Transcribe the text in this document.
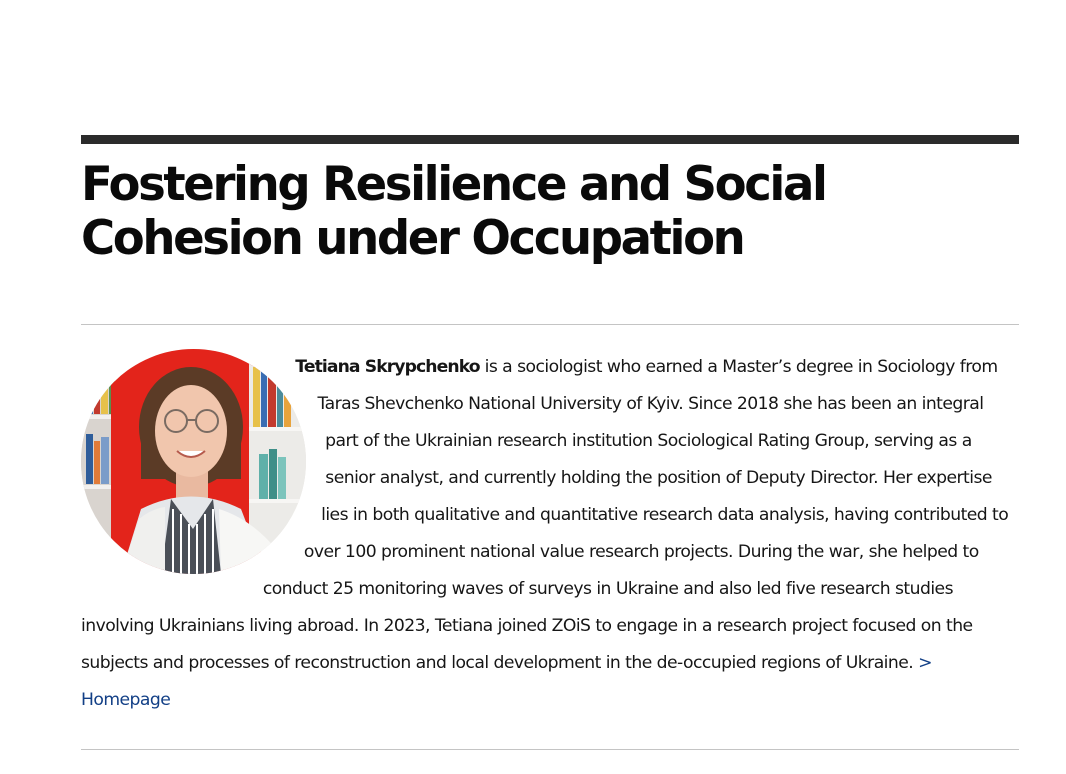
Fostering Resilience and Social Cohesion under Occupation
Tetiana Skrypchenko is a sociologist who earned a Master’s degree in Sociology from Taras Shevchenko National University of Kyiv. Since 2018 she has been an integral part of the Ukrainian research institution Sociological Rating Group, serving as a senior analyst, and currently holding the position of Deputy Director. Her expertise lies in both qualitative and quantitative research data analysis, having contributed to over 100 prominent national value research projects. During the war, she helped to conduct 25 monitoring waves of surveys in Ukraine and also led five research studies involving Ukrainians living abroad. In 2023, Tetiana joined ZOiS to engage in a research project focused on the subjects and processes of reconstruction and local development in the de-occupied regions of Ukraine. > Homepage
